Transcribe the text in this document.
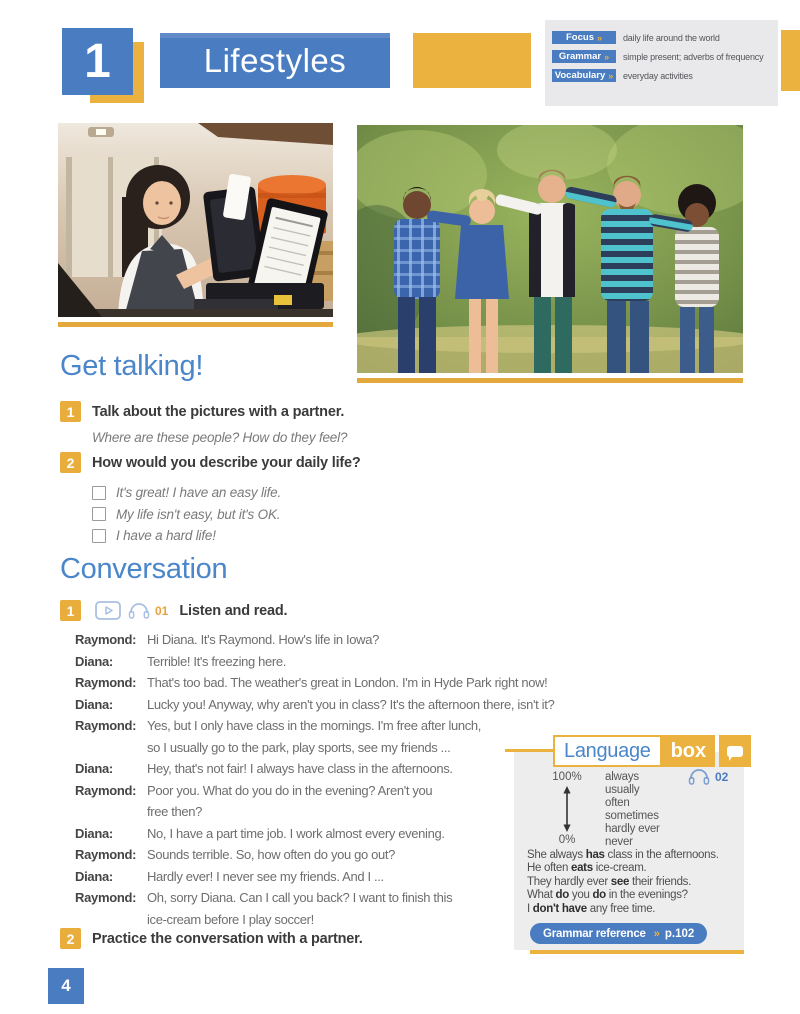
1	Lifestyles
Focus » daily life around the world
Grammar » simple present; adverbs of frequency
Vocabulary » everyday activities
Get talking!
1	Talk about the pictures with a partner.
Where are these people? How do they feel?
2	How would you describe your daily life?
It's great! I have an easy life.
My life isn't easy, but it's OK.
I have a hard life!
Conversation
1	01 Listen and read.
Raymond: Hi Diana. It's Raymond. How's life in Iowa?
Diana:	Terrible! It's freezing here.
Raymond: That's too bad. The weather's great in London. I'm in Hyde Park right now!
Diana:	Lucky you! Anyway, why aren't you in class? It's the afternoon there, isn't it?
Raymond: Yes, but I only have class in the mornings. I'm free after lunch,
so I usually go to the park, play sports, see my friends ...
Diana:	Hey, that's not fair! I always have class in the afternoons.
Raymond: Poor you. What do you do in the evening? Aren't you
free then?
Diana:	No, I have a part time job. I work almost every evening.
Raymond: Sounds terrible. So, how often do you go out?
Diana:	Hardly ever! I never see my friends. And I ...
Raymond: Oh, sorry Diana. Can I call you back? I want to finish this
ice-cream before I play soccer!
2	Practice the conversation with a partner.
Language box
02
100%
0%
always
usually
often
sometimes
hardly ever
never
She always has class in the afternoons.
He often eats ice-cream.
They hardly ever see their friends.
What do you do in the evenings?
I don't have any free time.
Grammar reference » p.102
4
